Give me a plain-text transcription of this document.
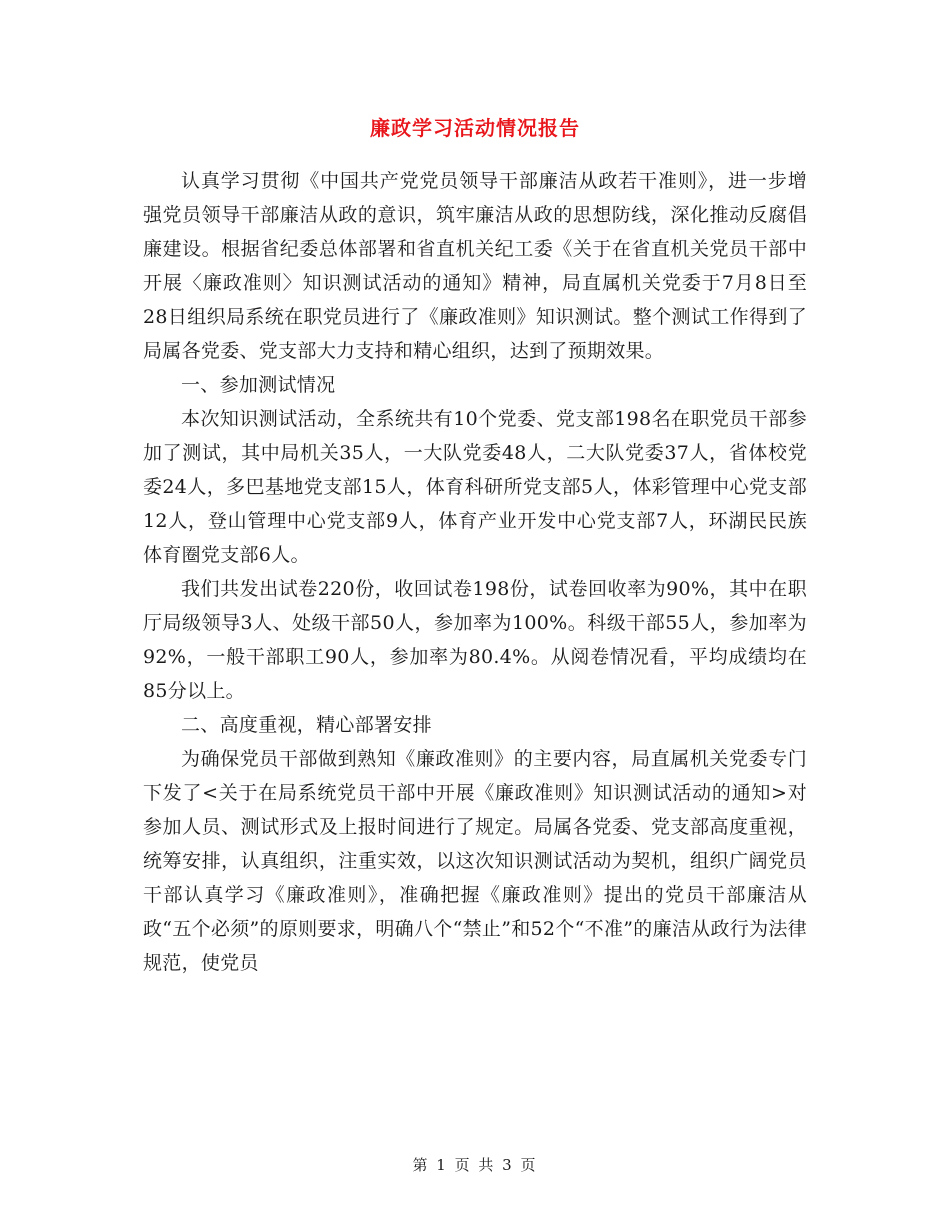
廉政学习活动情况报告

认真学习贯彻《中国共产党党员领导干部廉洁从政若干准则》，进一步增强党员领导干部廉洁从政的意识，筑牢廉洁从政的思想防线，深化推动反腐倡廉建设。根据省纪委总体部署和省直机关纪工委《关于在省直机关党员干部中开展〈廉政准则〉知识测试活动的通知》精神，局直属机关党委于7月8日至28日组织局系统在职党员进行了《廉政准则》知识测试。整个测试工作得到了局属各党委、党支部大力支持和精心组织，达到了预期效果。

一、参加测试情况

本次知识测试活动，全系统共有10个党委、党支部198名在职党员干部参加了测试，其中局机关35人，一大队党委48人，二大队党委37人，省体校党委24人，多巴基地党支部15人，体育科研所党支部5人，体彩管理中心党支部12人，登山管理中心党支部9人，体育产业开发中心党支部7人，环湖民民族体育圈党支部6人。

我们共发出试卷220份，收回试卷198份，试卷回收率为90%，其中在职厅局级领导3人、处级干部50人，参加率为100%。科级干部55人，参加率为92%，一般干部职工90人，参加率为80.4%。从阅卷情况看，平均成绩均在85分以上。

二、高度重视，精心部署安排

为确保党员干部做到熟知《廉政准则》的主要内容，局直属机关党委专门下发了<关于在局系统党员干部中开展《廉政准则》知识测试活动的通知>对参加人员、测试形式及上报时间进行了规定。局属各党委、党支部高度重视，统筹安排，认真组织，注重实效，以这次知识测试活动为契机，组织广阔党员干部认真学习《廉政准则》，准确把握《廉政准则》提出的党员干部廉洁从政“五个必须”的原则要求，明确八个“禁止”和52个“不准”的廉洁从政行为法律规范，使党员

第 1 页 共 3 页
